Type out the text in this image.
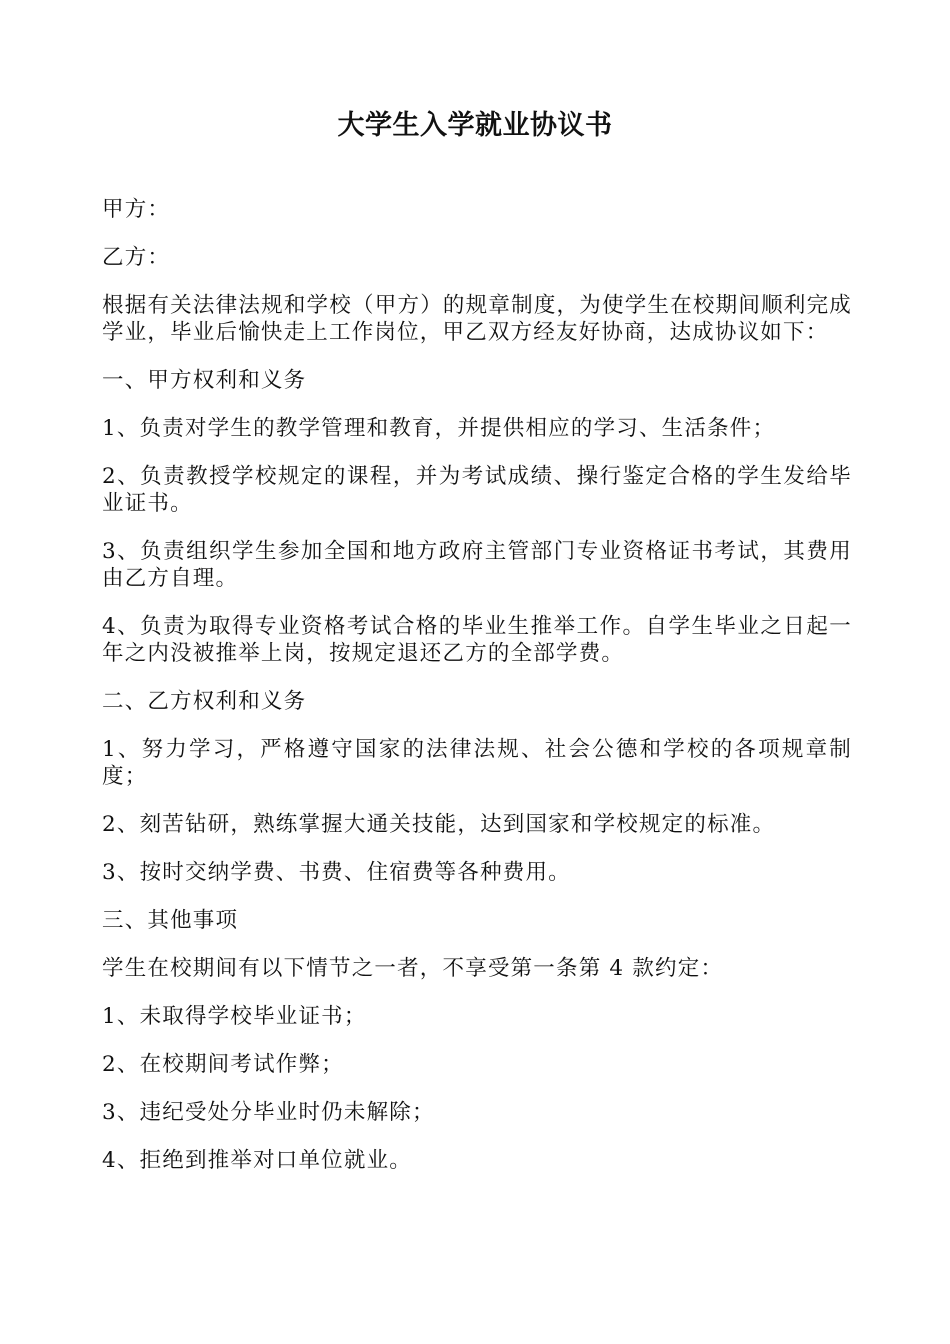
大学生入学就业协议书

甲方：

乙方：

根据有关法律法规和学校（甲方）的规章制度，为使学生在校期间顺利完成学业，毕业后愉快走上工作岗位，甲乙双方经友好协商，达成协议如下：

一、甲方权利和义务

1、负责对学生的教学管理和教育，并提供相应的学习、生活条件；

2、负责教授学校规定的课程，并为考试成绩、操行鉴定合格的学生发给毕业证书。

3、负责组织学生参加全国和地方政府主管部门专业资格证书考试，其费用由乙方自理。

4、负责为取得专业资格考试合格的毕业生推举工作。自学生毕业之日起一年之内没被推举上岗，按规定退还乙方的全部学费。

二、乙方权利和义务

1、努力学习，严格遵守国家的法律法规、社会公德和学校的各项规章制度；

2、刻苦钻研，熟练掌握大通关技能，达到国家和学校规定的标准。

3、按时交纳学费、书费、住宿费等各种费用。

三、其他事项

学生在校期间有以下情节之一者，不享受第一条第 4 款约定：

1、未取得学校毕业证书；

2、在校期间考试作弊；

3、违纪受处分毕业时仍未解除；

4、拒绝到推举对口单位就业。
